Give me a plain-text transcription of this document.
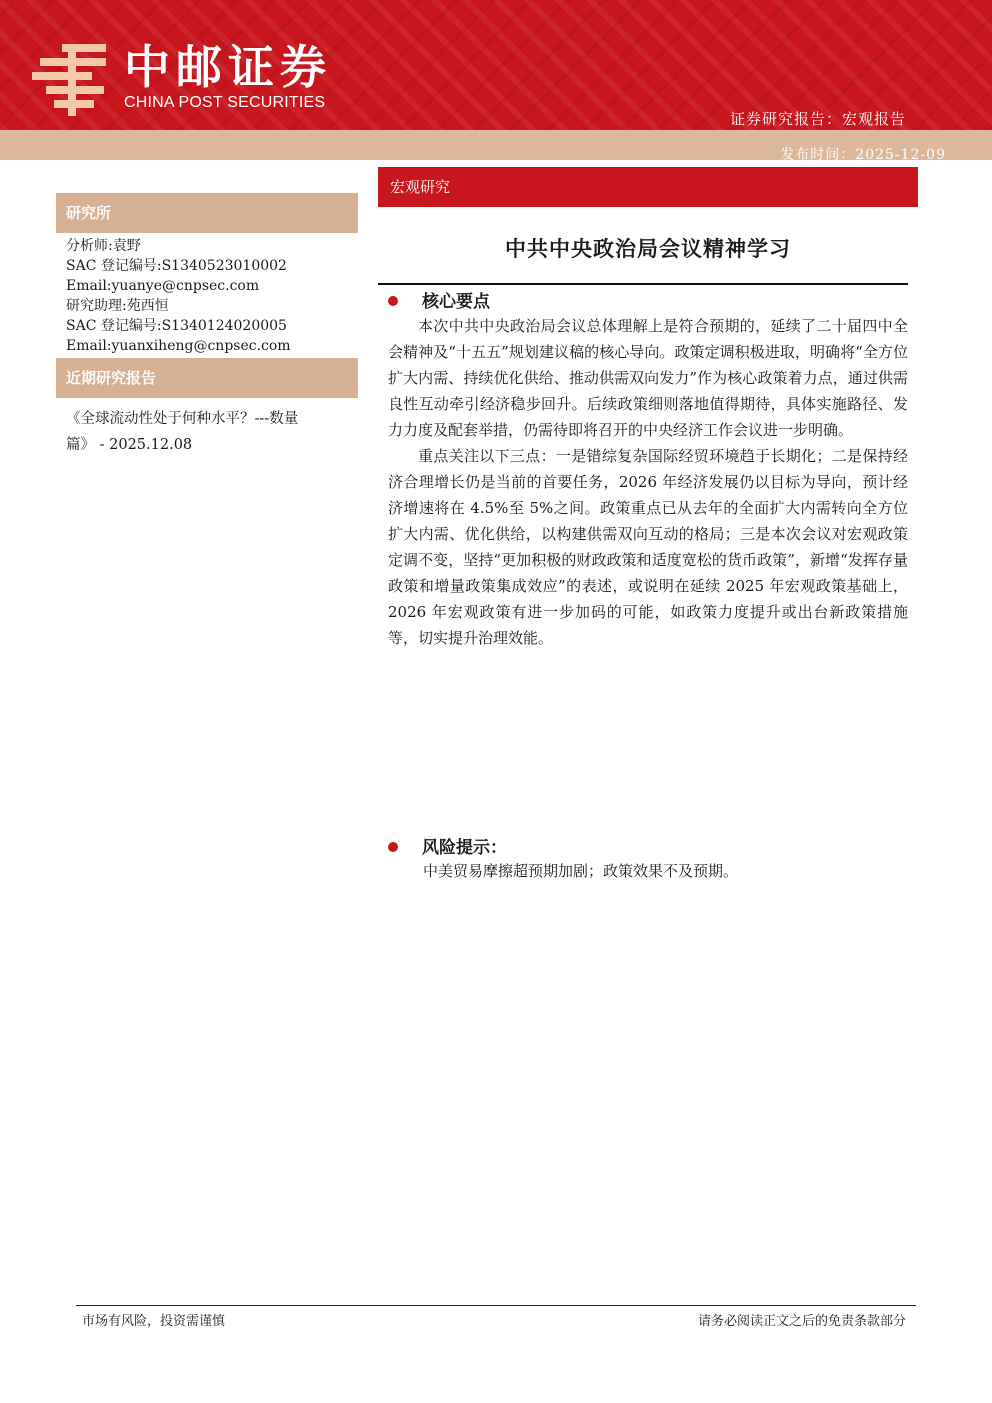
中邮证券
CHINA POST SECURITIES
证券研究报告：宏观报告
发布时间：2025-12-09
研究所
分析师:袁野
SAC 登记编号:S1340523010002
Email:yuanye@cnpsec.com
研究助理:苑西恒
SAC 登记编号:S1340124020005
Email:yuanxiheng@cnpsec.com
近期研究报告
《全球流动性处于何种水平？---数量
篇》 - 2025.12.08
宏观研究
中共中央政治局会议精神学习
核心要点

本次中共中央政治局会议总体理解上是符合预期的，延续了二十届四中全会精神及“十五五”规划建议稿的核心导向。政策定调积极进取，明确将“全方位扩大内需、持续优化供给、推动供需双向发力”作为核心政策着力点，通过供需良性互动牵引经济稳步回升。后续政策细则落地值得期待，具体实施路径、发力力度及配套举措，仍需待即将召开的中央经济工作会议进一步明确。

重点关注以下三点：一是错综复杂国际经贸环境趋于长期化；二是保持经济合理增长仍是当前的首要任务，2026 年经济发展仍以目标为导向，预计经济增速将在 4.5%至 5%之间。政策重点已从去年的全面扩大内需转向全方位扩大内需、优化供给，以构建供需双向互动的格局；三是本次会议对宏观政策定调不变，坚持“更加积极的财政政策和适度宽松的货币政策”，新增“发挥存量政策和增量政策集成效应”的表述，或说明在延续 2025 年宏观政策基础上，2026 年宏观政策有进一步加码的可能，如政策力度提升或出台新政策措施等，切实提升治理效能。

风险提示：
中美贸易摩擦超预期加剧；政策效果不及预期。
市场有风险，投资需谨慎	请务必阅读正文之后的免责条款部分
